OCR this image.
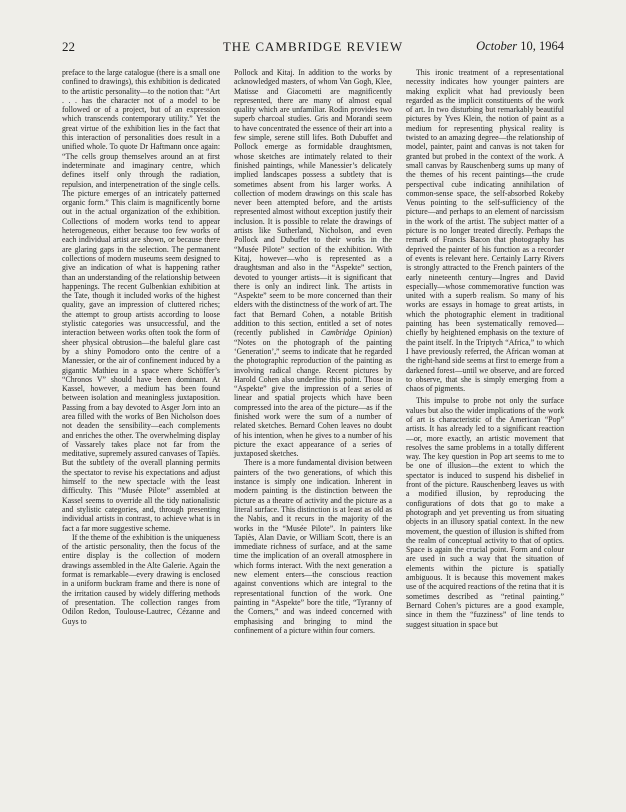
22	THE CAMBRIDGE REVIEW	October 10, 1964

preface to the large catalogue (there is a small one confined to drawings), this exhibition is dedicated to the artistic personality—to the notion that: “Art . . . has the character not of a model to be followed or of a project, but of an expression which transcends contemporary utility.” Yet the great virtue of the exhibition lies in the fact that this interaction of personalities does result in a unified whole. To quote Dr Haftmann once again: “The cells group themselves around an at first indeterminate and imaginary centre, which defines itself only through the radiation, repulsion, and interpenetration of the single cells. The picture emerges of an intricately patterned organic form.” This claim is magnificently borne out in the actual organization of the exhibition. Collections of modern works tend to appear heterogeneous, either because too few works of each individual artist are shown, or because there are glaring gaps in the selection. The permanent collections of modern museums seem designed to give an indication of what is happening rather than an understanding of the relationship between happenings. The recent Gulbenkian exhibition at the Tate, though it included works of the highest quality, gave an impression of cluttered riches; the attempt to group artists according to loose stylistic categories was unsuccessful, and the interaction between works often took the form of sheer physical obtrusion—the baleful glare cast by a shiny Pomodoro onto the centre of a Manessier, or the air of confinement induced by a gigantic Mathieu in a space where Schöffer’s “Chronos V” should have been dominant. At Kassel, however, a medium has been found between isolation and meaningless juxtaposition. Passing from a bay devoted to Asger Jorn into an area filled with the works of Ben Nicholson does not deaden the sensibility—each complements and enriches the other. The overwhelming display of Vassarely takes place not far from the meditative, supremely assured canvases of Tapiès. But the subtlety of the overall planning permits the spectator to revise his expectations and adjust himself to the new spectacle with the least difficulty. This “Musée Pilote” assembled at Kassel seems to override all the tidy nationalistic and stylistic categories, and, through presenting individual artists in contrast, to achieve what is in fact a far more suggestive scheme.

If the theme of the exhibition is the uniqueness of the artistic personality, then the focus of the entire display is the collection of modern drawings assembled in the Alte Galerie. Again the format is remarkable—every drawing is enclosed in a uniform buckram frame and there is none of the irritation caused by widely differing methods of presentation. The collection ranges from Odilon Redon, Toulouse-Lautrec, Cézanne and Guys to

Pollock and Kitaj. In addition to the works by acknowledged masters, of whom Van Gogh, Klee, Matisse and Giacometti are magnificently represented, there are many of almost equal quality which are unfamiliar. Rodin provides two superb charcoal studies. Gris and Morandi seem to have concentrated the essence of their art into a few simple, serene still lifes. Both Dubuffet and Pollock emerge as formidable draughtsmen, whose sketches are intimately related to their finished paintings, while Manessier’s delicately implied landscapes possess a subtlety that is sometimes absent from his larger works. A collection of modern drawings on this scale has never been attempted before, and the artists represented almost without exception justify their inclusion. It is possible to relate the drawings of artists like Sutherland, Nicholson, and even Pollock and Dubuffet to their works in the “Musée Pilote” section of the exhibition. With Kitaj, however—who is represented as a draughtsman and also in the “Aspekte” section, devoted to younger artists—it is significant that there is only an indirect link. The artists in “Aspekte” seem to be more concerned than their elders with the distinctness of the work of art. The fact that Bernard Cohen, a notable British addition to this section, entitled a set of notes (recently published in Cambridge Opinion) “Notes on the photograph of the painting ‘Generation’,” seems to indicate that he regarded the photographic reproduction of the painting as involving radical change. Recent pictures by Harold Cohen also underline this point. Those in “Aspekte” give the impression of a series of linear and spatial projects which have been compressed into the area of the picture—as if the finished work were the sum of a number of related sketches. Bernard Cohen leaves no doubt of his intention, when he gives to a number of his picture the exact appearance of a series of juxtaposed sketches.

There is a more fundamental division between painters of the two generations, of which this instance is simply one indication. Inherent in modern painting is the distinction between the picture as a theatre of activity and the picture as a literal surface. This distinction is at least as old as the Nabis, and it recurs in the majority of the works in the “Musée Pilote”. In painters like Tapiès, Alan Davie, or William Scott, there is an immediate richness of surface, and at the same time the implication of an overall atmosphere in which forms interact. With the next generation a new element enters—the conscious reaction against conventions which are integral to the representational function of the work. One painting in “Aspekte” bore the title, “Tyranny of the Corners,” and was indeed concerned with emphasising and bringing to mind the confinement of a picture within four corners.

This ironic treatment of a representational necessity indicates how younger painters are making explicit what had previously been regarded as the implicit constituents of the work of art. In two disturbing but remarkably beautiful pictures by Yves Klein, the notion of paint as a medium for representing physical reality is twisted to an amazing degree—the relationship of model, painter, paint and canvas is not taken for granted but probed in the context of the work. A small canvas by Rauschenberg sums up many of the themes of his recent paintings—the crude perspectival cube indicating annihilation of common-sense space, the self-absorbed Rokeby Venus pointing to the self-sufficiency of the picture—and perhaps to an element of narcissism in the work of the artist. The subject matter of a picture is no longer treated directly. Perhaps the remark of Francis Bacon that photography has deprived the painter of his function as a recorder of events is relevant here. Certainly Larry Rivers is strongly attracted to the French painters of the early nineteenth century—Ingres and David especially—whose commemorative function was united with a superb realism. So many of his works are essays in homage to great artists, in which the photographic element in traditional painting has been systematically removed—chiefly by heightened emphasis on the texture of the paint itself. In the Triptych “Africa,” to which I have previously referred, the African woman at the right-hand side seems at first to emerge from a darkened forest—until we observe, and are forced to observe, that she is simply emerging from a chaos of pigments.

This impulse to probe not only the surface values but also the wider implications of the work of art is characteristic of the American “Pop” artists. It has already led to a significant reaction—or, more exactly, an artistic movement that resolves the same problems in a totally different way. The key question in Pop art seems to me to be one of illusion—the extent to which the spectator is induced to suspend his disbelief in front of the picture. Rauschenberg leaves us with a modified illusion, by reproducing the configurations of dots that go to make a photograph and yet preventing us from situating objects in an illusory spatial context. In the new movement, the question of illusion is shifted from the realm of conceptual activity to that of optics. Space is again the crucial point. Form and colour are used in such a way that the situation of elements within the picture is spatially ambiguous. It is because this movement makes use of the acquired reactions of the retina that it is sometimes described as “retinal painting.” Bernard Cohen’s pictures are a good example, since in them the “fuzziness” of line tends to suggest situation in space but
